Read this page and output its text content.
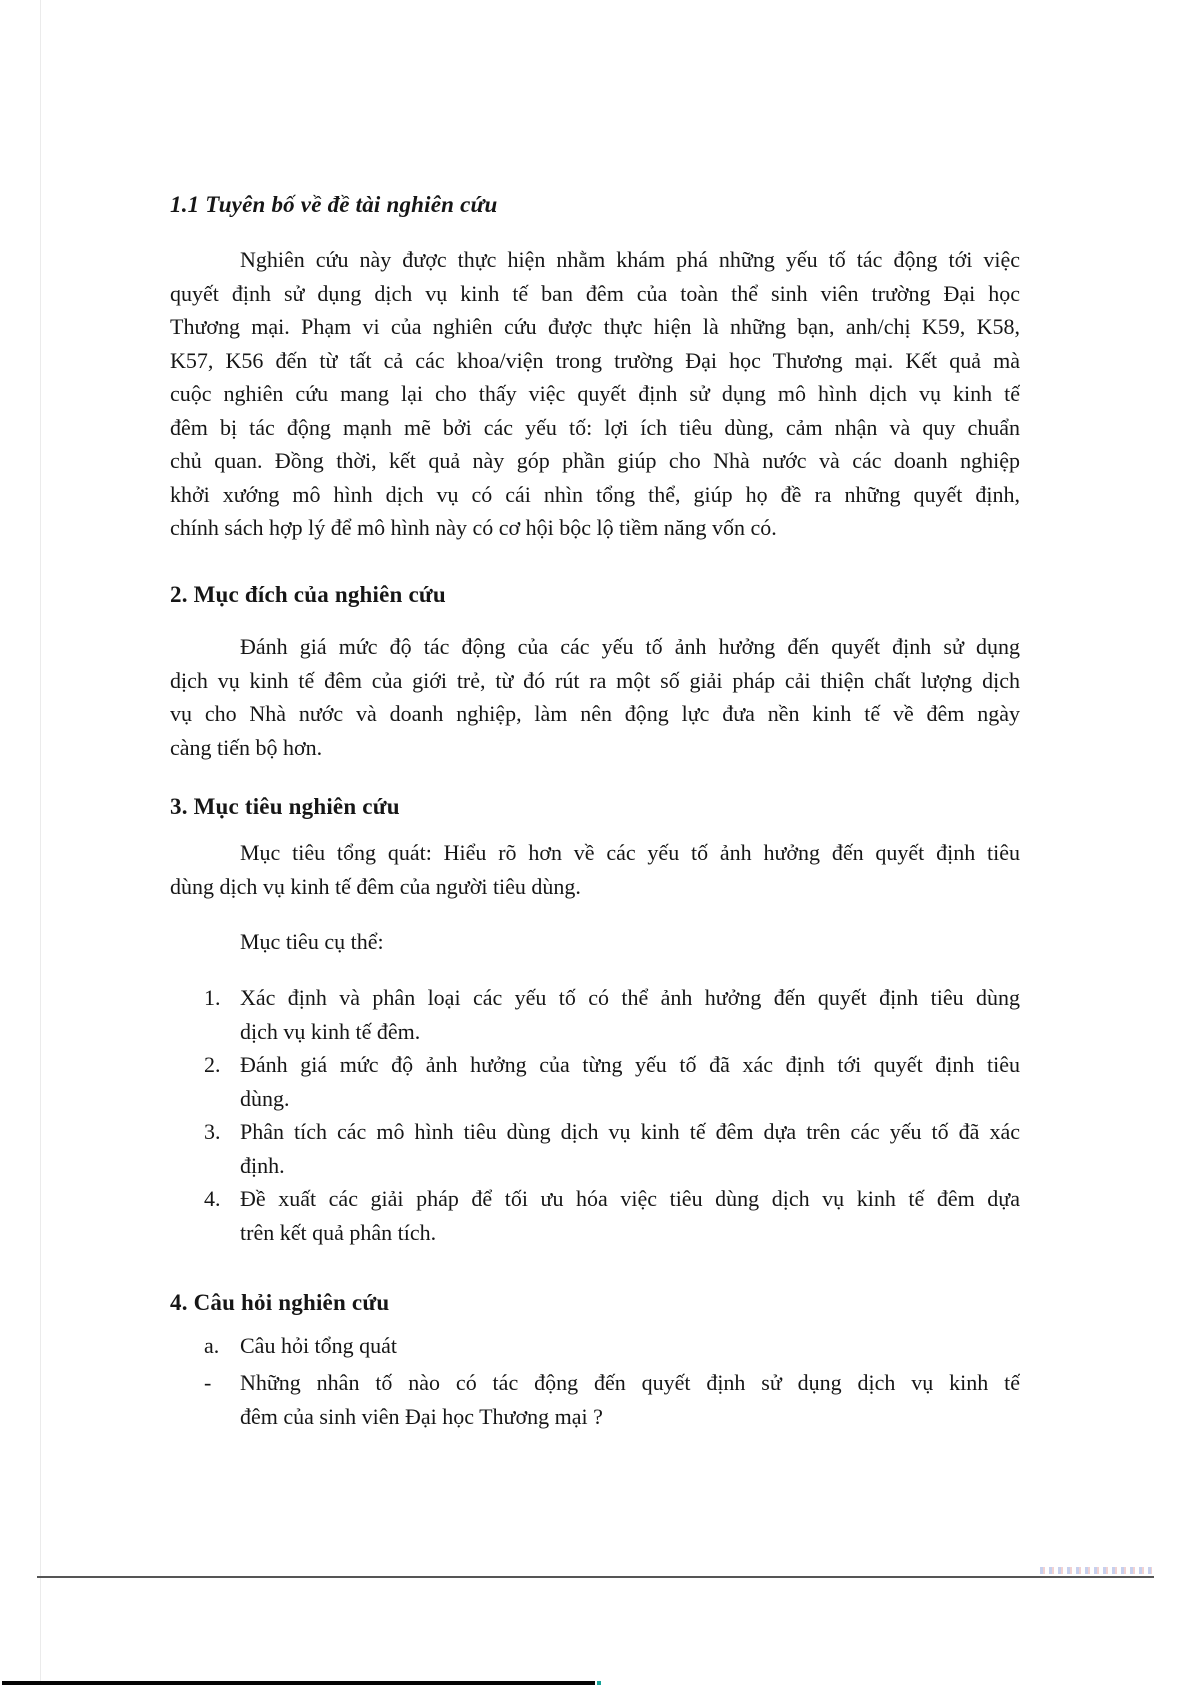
1.1 Tuyên bố về đề tài nghiên cứu
Nghiên cứu này được thực hiện nhằm khám phá những yếu tố tác động tới việc
quyết định sử dụng dịch vụ kinh tế ban đêm của toàn thể sinh viên trường Đại học
Thương mại. Phạm vi của nghiên cứu được thực hiện là những bạn, anh/chị K59, K58,
K57, K56 đến từ tất cả các khoa/viện trong trường Đại học Thương mại. Kết quả mà
cuộc nghiên cứu mang lại cho thấy việc quyết định sử dụng mô hình dịch vụ kinh tế
đêm bị tác động mạnh mẽ bởi các yếu tố: lợi ích tiêu dùng, cảm nhận và quy chuẩn
chủ quan. Đồng thời, kết quả này góp phần giúp cho Nhà nước và các doanh nghiệp
khởi xướng mô hình dịch vụ có cái nhìn tổng thể, giúp họ đề ra những quyết định,
chính sách hợp lý để mô hình này có cơ hội bộc lộ tiềm năng vốn có.
2. Mục đích của nghiên cứu
Đánh giá mức độ tác động của các yếu tố ảnh hưởng đến quyết định sử dụng
dịch vụ kinh tế đêm của giới trẻ, từ đó rút ra một số giải pháp cải thiện chất lượng dịch
vụ cho Nhà nước và doanh nghiệp, làm nên động lực đưa nền kinh tế về đêm ngày
càng tiến bộ hơn.
3. Mục tiêu nghiên cứu
Mục tiêu tổng quát: Hiểu rõ hơn về các yếu tố ảnh hưởng đến quyết định tiêu
dùng dịch vụ kinh tế đêm của người tiêu dùng.
Mục tiêu cụ thể:
1. Xác định và phân loại các yếu tố có thể ảnh hưởng đến quyết định tiêu dùng
dịch vụ kinh tế đêm.
2. Đánh giá mức độ ảnh hưởng của từng yếu tố đã xác định tới quyết định tiêu
dùng.
3. Phân tích các mô hình tiêu dùng dịch vụ kinh tế đêm dựa trên các yếu tố đã xác
định.
4. Đề xuất các giải pháp để tối ưu hóa việc tiêu dùng dịch vụ kinh tế đêm dựa
trên kết quả phân tích.
4. Câu hỏi nghiên cứu
a. Câu hỏi tổng quát
- Những nhân tố nào có tác động đến quyết định sử dụng dịch vụ kinh tế
đêm của sinh viên Đại học Thương mại ?
